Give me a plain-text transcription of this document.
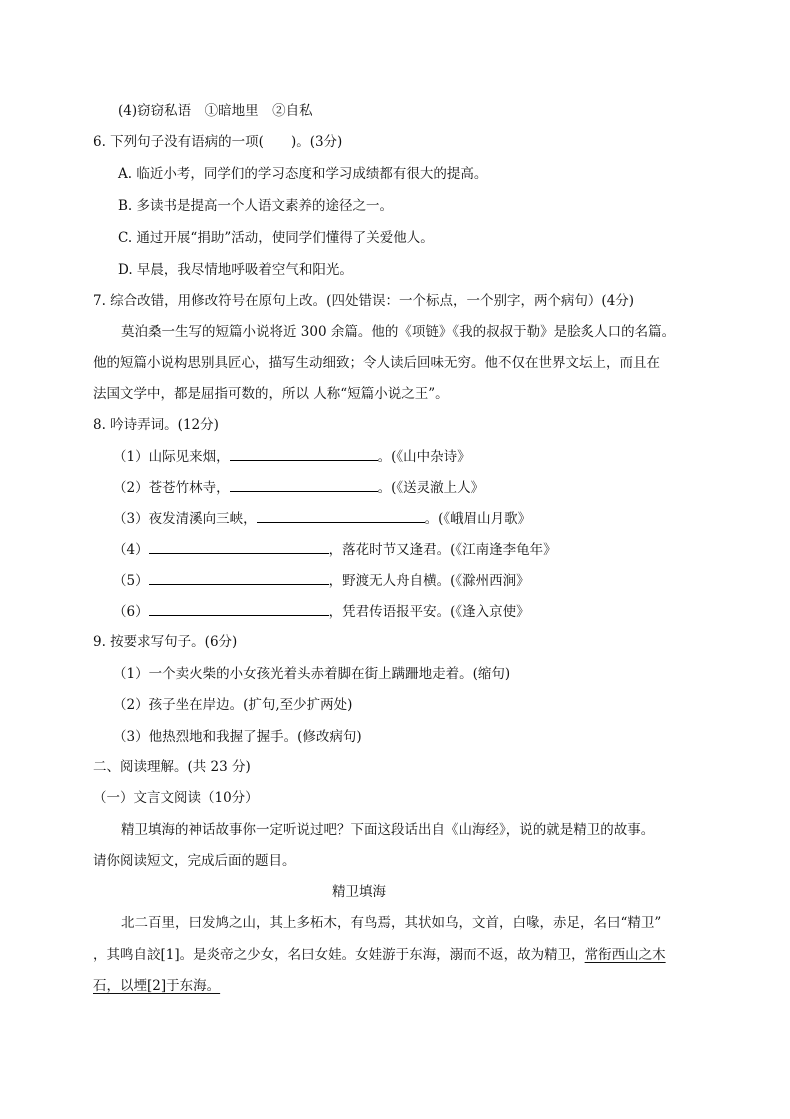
(4)窃窃私语　①暗地里　②自私
6. 下列句子没有语病的一项(　　)。(3分)
A. 临近小考，同学们的学习态度和学习成绩都有很大的提高。
B. 多读书是提高一个人语文素养的途径之一。
C. 通过开展“捐助”活动，使同学们懂得了关爱他人。
D. 早晨，我尽情地呼吸着空气和阳光。
7. 综合改错，用修改符号在原句上改。(四处错误：一个标点，一个别字，两个病句）(4分)
莫泊桑一生写的短篇小说将近 300 余篇。他的《项链》《我的叔叔于勒》是脍炙人口的名篇。
他的短篇小说构思别具匠心，描写生动细致；令人读后回味无穷。他不仅在世界文坛上，而且在
法国文学中，都是屈指可数的，所以 人称“短篇小说之王”。
8. 吟诗弄词。(12分)
（1）山际见来烟，	。(《山中杂诗》
（2）苍苍竹林寺，	。(《送灵澈上人》
（3）夜发清溪向三峡，	。(《峨眉山月歌》
（4）	，落花时节又逢君。(《江南逢李龟年》
（5）	，野渡无人舟自横。(《滁州西涧》
（6）	，凭君传语报平安。(《逢入京使》
9. 按要求写句子。(6分)
（1）一个卖火柴的小女孩光着头赤着脚在街上蹒跚地走着。(缩句)
（2）孩子坐在岸边。(扩句,至少扩两处)
（3）他热烈地和我握了握手。(修改病句)
二、阅读理解。(共 23 分)
（一）文言文阅读（10分）
精卫填海的神话故事你一定听说过吧？下面这段话出自《山海经》，说的就是精卫的故事。
请你阅读短文，完成后面的题目。
精卫填海
北二百里，曰发鸠之山，其上多柘木，有鸟焉，其状如乌，文首，白喙，赤足，名曰“精卫”
，其鸣自詨[1]。是炎帝之少女，名曰女娃。女娃游于东海，溺而不返，故为精卫，常衔西山之木
石，以堙[2]于东海。
